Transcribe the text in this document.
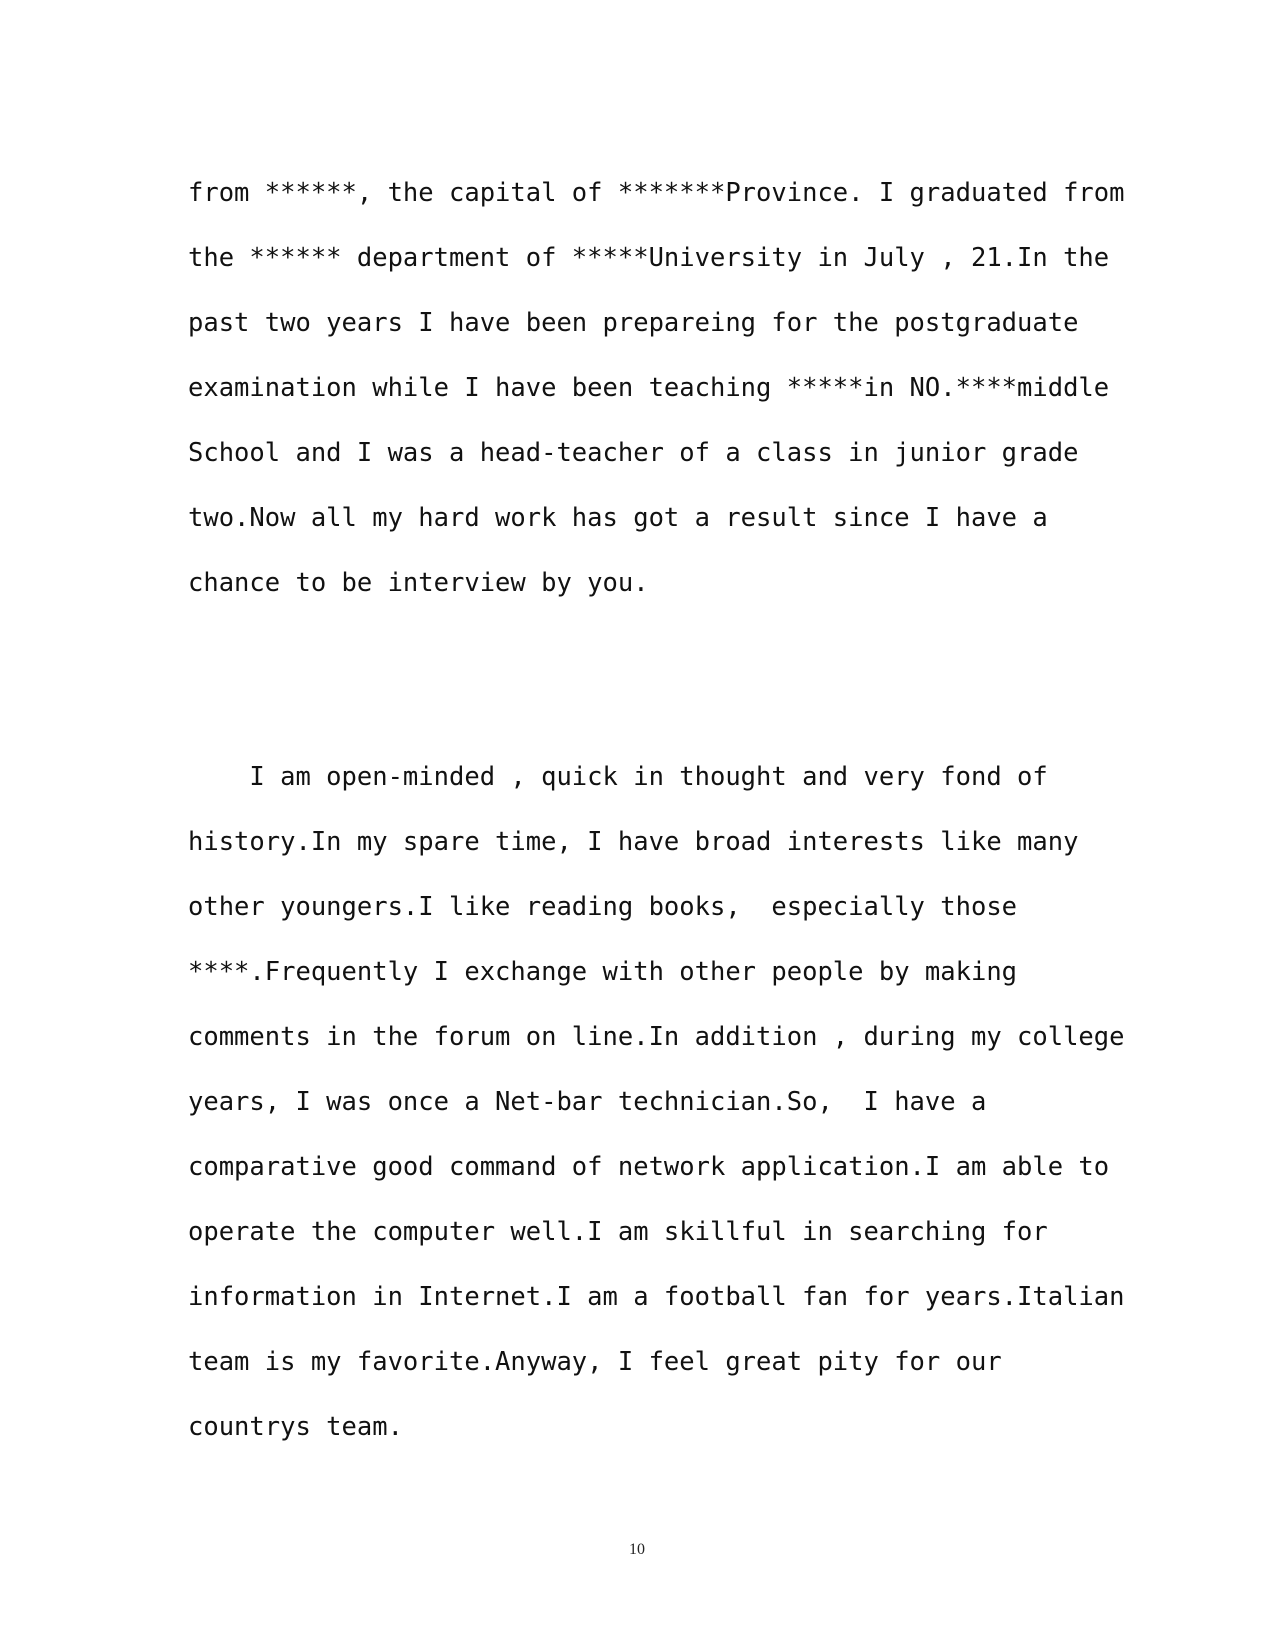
from ******, the capital of *******Province. I graduated from
the ****** department of *****University in July , 21.In the
past two years I have been prepareing for the postgraduate
examination while I have been teaching *****in NO.****middle
School and I was a head-teacher of a class in junior grade
two.Now all my hard work has got a result since I have a
chance to be interview by you.
I am open-minded , quick in thought and very fond of
history.In my spare time, I have broad interests like many
other youngers.I like reading books,  especially those
****.Frequently I exchange with other people by making
comments in the forum on line.In addition , during my college
years, I was once a Net-bar technician.So,  I have a
comparative good command of network application.I am able to
operate the computer well.I am skillful in searching for
information in Internet.I am a football fan for years.Italian
team is my favorite.Anyway, I feel great pity for our
countrys team.
10
